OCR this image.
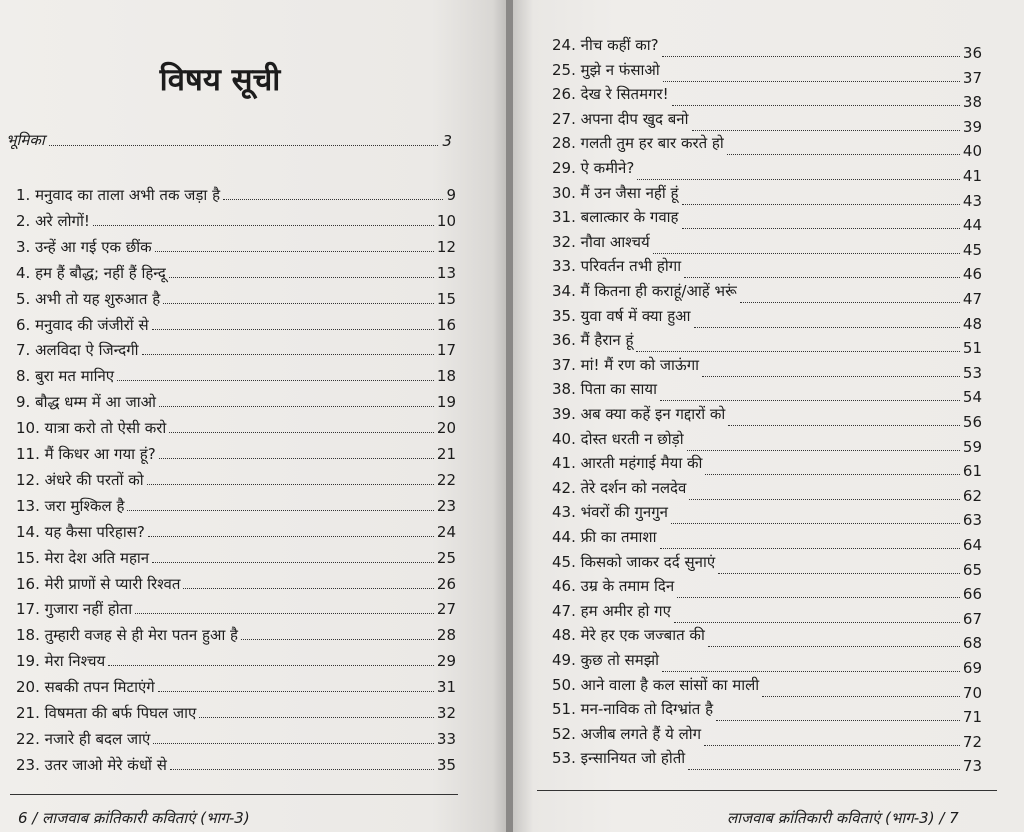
विषय सूची
भूमिका	3
1. मनुवाद का ताला अभी तक जड़ा है	9
2. अरे लोगों!	10
3. उन्हें आ गई एक छींक	12
4. हम हैं बौद्ध; नहीं हैं हिन्दू	13
5. अभी तो यह शुरुआत है	15
6. मनुवाद की जंजीरों से	16
7. अलविदा ऐ जिन्दगी	17
8. बुरा मत मानिए	18
9. बौद्ध धम्म में आ जाओ	19
10. यात्रा करो तो ऐसी करो	20
11. मैं किधर आ गया हूं?	21
12. अंधरे की परतों को	22
13. जरा मुश्किल है	23
14. यह कैसा परिहास?	24
15. मेरा देश अति महान	25
16. मेरी प्राणों से प्यारी रिश्वत	26
17. गुजारा नहीं होता	27
18. तुम्हारी वजह से ही मेरा पतन हुआ है	28
19. मेरा निश्चय	29
20. सबकी तपन मिटाएंगे	31
21. विषमता की बर्फ पिघल जाए	32
22. नजारे ही बदल जाएं	33
23. उतर जाओ मेरे कंधों से	35
6 / लाजवाब क्रांतिकारी कविताएं (भाग-3)	लाजवाब क्रांतिकारी कविताएं (भाग-3) / 7
24. नीच कहीं का?	36
25. मुझे न फंसाओ	37
26. देख रे सितमगर!	38
27. अपना दीप खुद बनो	39
28. गलती तुम हर बार करते हो	40
29. ऐ कमीने?	41
30. मैं उन जैसा नहीं हूं	43
31. बलात्कार के गवाह	44
32. नौवा आश्चर्य	45
33. परिवर्तन तभी होगा	46
34. मैं कितना ही कराहूं/आहें भरूं	47
35. युवा वर्ष में क्या हुआ	48
36. मैं हैरान हूं	51
37. मां! मैं रण को जाऊंगा	53
38. पिता का साया	54
39. अब क्या कहें इन गद्दारों को	56
40. दोस्त धरती न छोड़ो	59
41. आरती महंगाई मैया की	61
42. तेरे दर्शन को नलदेव	62
43. भंवरों की गुनगुन	63
44. फ्री का तमाशा	64
45. किसको जाकर दर्द सुनाएं	65
46. उम्र के तमाम दिन	66
47. हम अमीर हो गए	67
48. मेरे हर एक जज्बात की	68
49. कुछ तो समझो	69
50. आने वाला है कल सांसों का माली	70
51. मन-नाविक तो दिग्भ्रांत है	71
52. अजीब लगते हैं ये लोग	72
53. इन्सानियत जो होती	73
